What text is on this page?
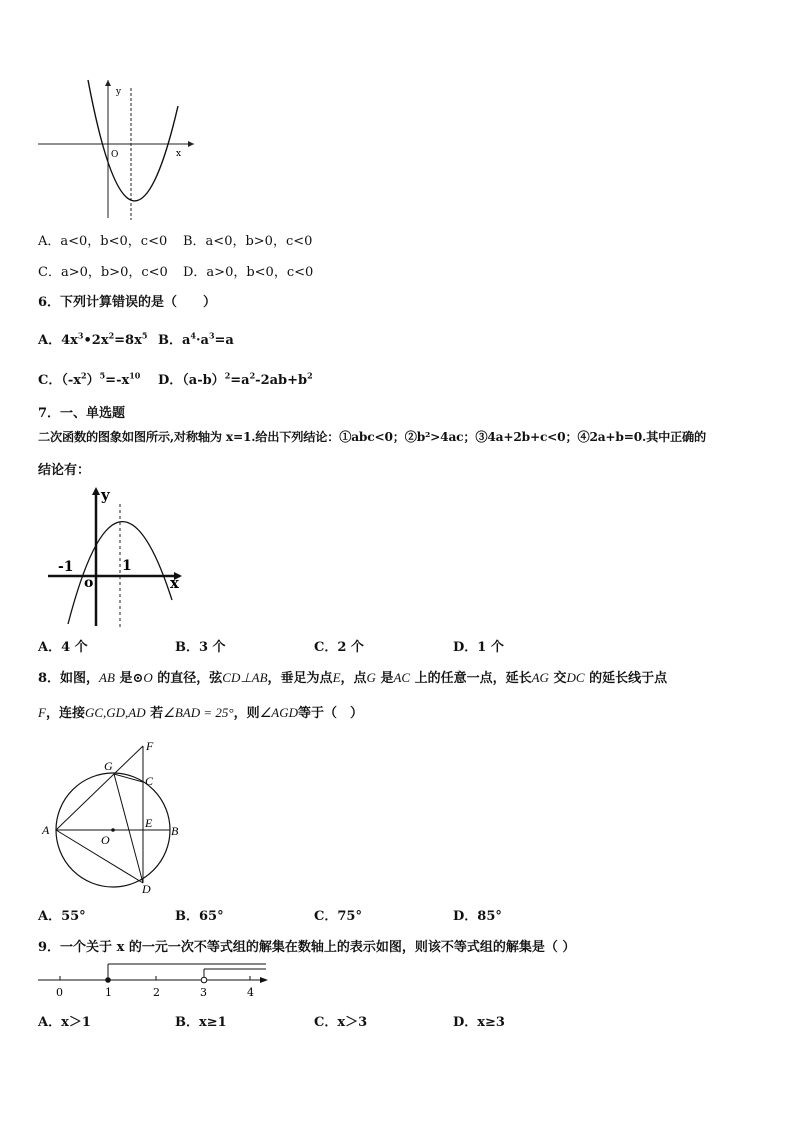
y
x
O
A．a<0，b<0，c<0 B．a<0，b>0，c<0
C．a>0，b>0，c<0 D．a>0，b<0，c<0
6．下列计算错误的是（　　）
A．$4x^3•2x^2=8x^5$ B．$a^4\cdot a^3=a$
C．$(-x^2)^5=-x^{10}$ D．$(a-b)^2=a^2-2ab+b^2$
7．一、单选题
二次函数的图象如图所示,对称轴为 x=1.给出下列结论：①abc<0；②b²>4ac；③4a+2b+c<0；④2a+b=0.其中正确的
结论有：
y
x
o
-1	1
A．4 个	B．3 个	C．2 个	D．1 个
8．如图，AB 是⊙O 的直径，弦CD⊥AB，垂足为点E，点G 是AC 上的任意一点，延长AG 交DC 的延长线于点
F，连接GC,GD,AD 若∠BAD = 25°，则∠AGD等于（　）
A	B
C
D
E
F
G
O
A．55°	B．65°	C．75°	D．85°
9．一个关于 x 的一元一次不等式组的解集在数轴上的表示如图，则该不等式组的解集是（ ）
0	1	2	3	4
A．x＞1	B．x≥1	C．x＞3	D．x≥3
